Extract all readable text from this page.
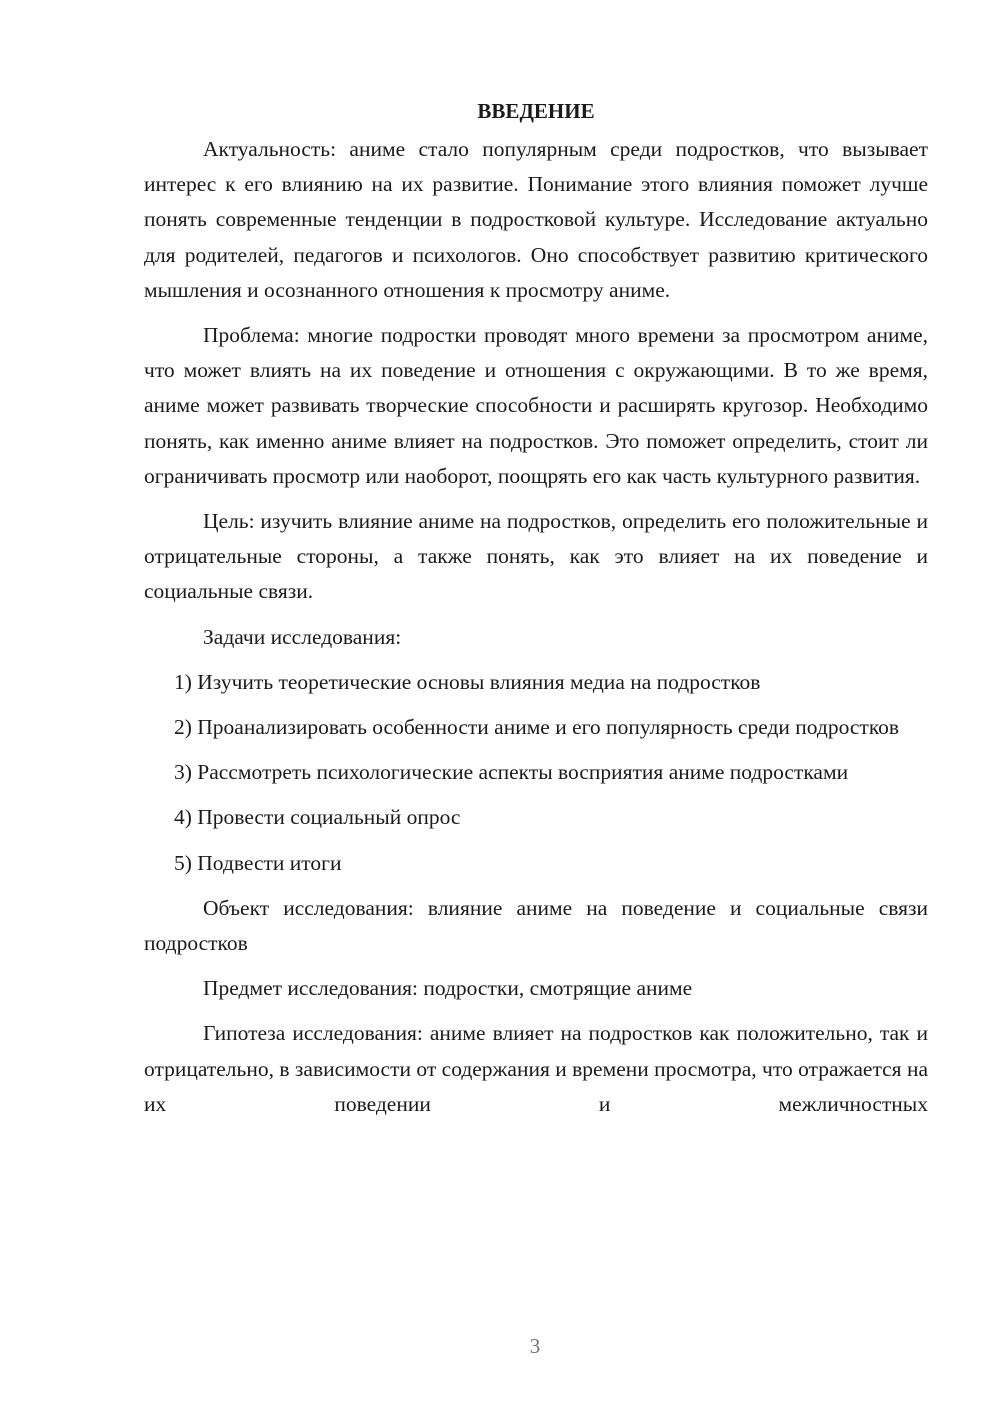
ВВЕДЕНИЕ

Актуальность: аниме стало популярным среди подростков, что вызывает интерес к его влиянию на их развитие. Понимание этого влияния поможет лучше понять современные тенденции в подростковой культуре. Исследование актуально для родителей, педагогов и психологов. Оно способствует развитию критического мышления и осознанного отношения к просмотру аниме.

Проблема: многие подростки проводят много времени за просмотром аниме, что может влиять на их поведение и отношения с окружающими. В то же время, аниме может развивать творческие способности и расширять кругозор. Необходимо понять, как именно аниме влияет на подростков. Это поможет определить, стоит ли ограничивать просмотр или наоборот, поощрять его как часть культурного развития.

Цель: изучить влияние аниме на подростков, определить его положительные и отрицательные стороны, а также понять, как это влияет на их поведение и социальные связи.

Задачи исследования:

1) Изучить теоретические основы влияния медиа на подростков

2) Проанализировать особенности аниме и его популярность среди подростков

3) Рассмотреть психологические аспекты восприятия аниме подростками

4) Провести социальный опрос

5) Подвести итоги

Объект исследования: влияние аниме на поведение и социальные связи подростков

Предмет исследования: подростки, смотрящие аниме

Гипотеза исследования: аниме влияет на подростков как положительно, так и отрицательно, в зависимости от содержания и времени просмотра, что отражается на их поведении и межличностных

3
